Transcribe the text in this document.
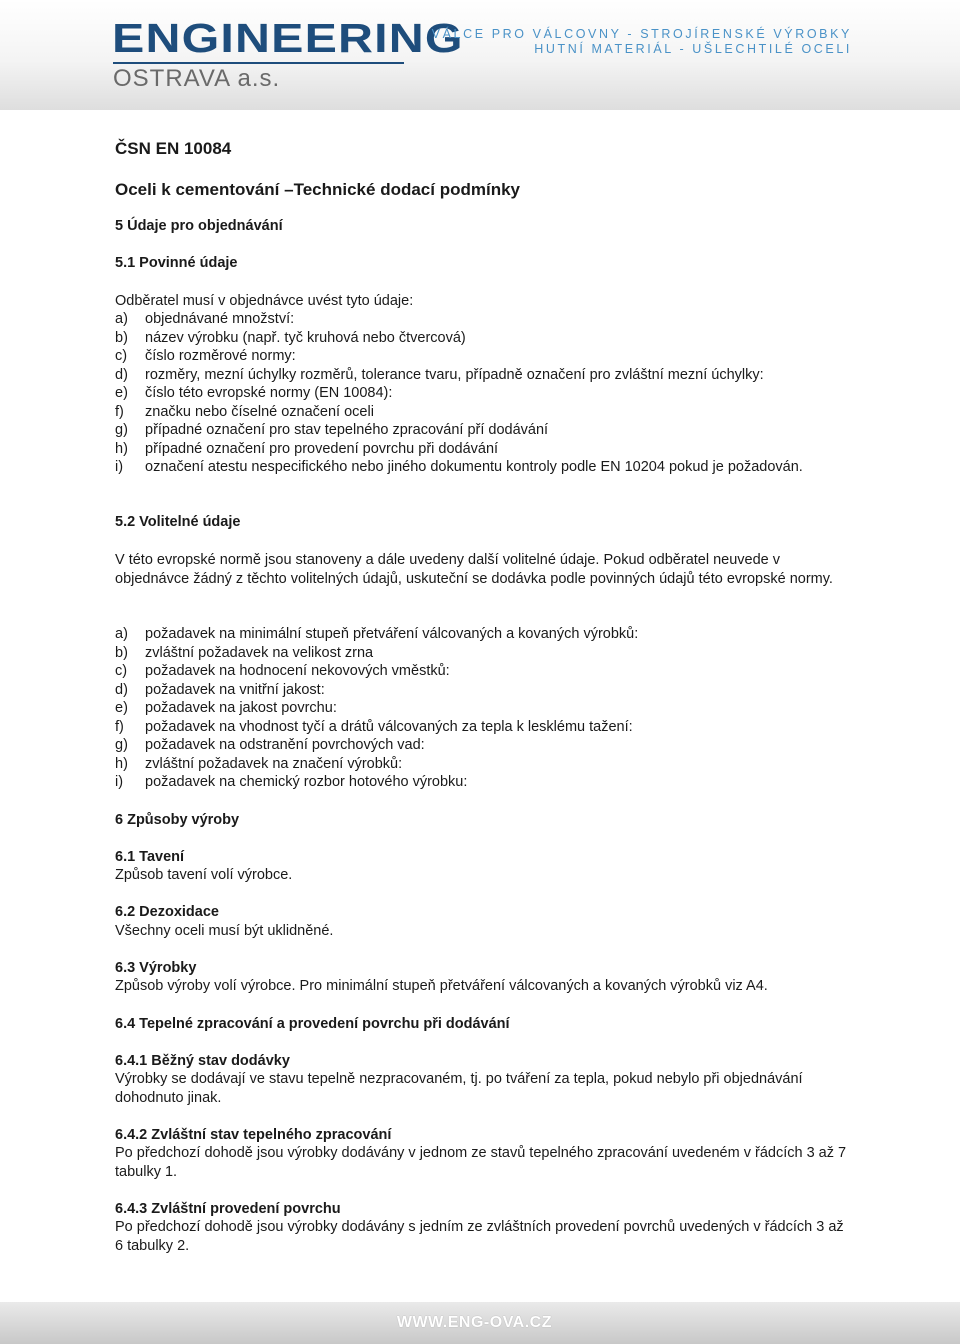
ENGINEERING
OSTRAVA a.s.
VÁLCE PRO VÁLCOVNY - STROJÍRENSKÉ VÝROBKY
HUTNÍ MATERIÁL - UŠLECHTILÉ OCELI
ČSN EN 10084
Oceli k cementování –Technické dodací podmínky
5 Údaje pro objednávání
5.1 Povinné údaje

Odběratel musí v objednávce uvést tyto údaje:

a)	objednávané množství:
b)	název výrobku (např. tyč kruhová nebo čtvercová)
c)	číslo rozměrové normy:
d)	rozměry, mezní úchylky rozměrů, tolerance tvaru, případně označení pro zvláštní mezní úchylky:
e)	číslo této evropské normy (EN 10084):
f)	značku nebo číselné označení oceli
g)	případné označení pro stav tepelného zpracování pří dodávání
h)	případné označení pro provedení povrchu při dodávání
i)	označení atestu nespecifického nebo jiného dokumentu kontroly podle EN 10204 pokud je požadován.
5.2 Volitelné údaje

V této evropské normě jsou stanoveny a dále uvedeny další volitelné údaje. Pokud odběratel neuvede v objednávce žádný z těchto volitelných údajů, uskuteční se dodávka podle povinných údajů této evropské normy.

a)	požadavek na minimální stupeň přetváření válcovaných a kovaných výrobků:
b)	zvláštní požadavek na velikost zrna
c)	požadavek na hodnocení nekovových vměstků:
d)	požadavek na vnitřní jakost:
e)	požadavek na jakost povrchu:
f)	požadavek na vhodnost tyčí a drátů válcovaných za tepla k lesklému tažení:
g)	požadavek na odstranění povrchových vad:
h)	zvláštní požadavek na značení výrobků:
i)	požadavek na chemický rozbor hotového výrobku:
6 Způsoby výroby
6.1 Tavení

Způsob tavení volí výrobce.

6.2 Dezoxidace

Všechny oceli musí být uklidněné.

6.3 Výrobky

Způsob výroby volí výrobce. Pro minimální stupeň přetváření válcovaných a kovaných výrobků viz A4.

6.4 Tepelné zpracování a provedení povrchu při dodávání
6.4.1 Běžný stav dodávky

Výrobky se dodávají ve stavu tepelně nezpracovaném, tj. po tváření za tepla, pokud nebylo při objednávání dohodnuto jinak.

6.4.2 Zvláštní stav tepelného zpracování

Po předchozí dohodě jsou výrobky dodávány v jednom ze stavů tepelného zpracování uvedeném v řádcích 3 až 7 tabulky 1.

6.4.3 Zvláštní provedení povrchu

Po předchozí dohodě jsou výrobky dodávány s jedním ze zvláštních provedení povrchů uvedených v řádcích 3 až 6 tabulky 2.

WWW.ENG-OVA.CZ
